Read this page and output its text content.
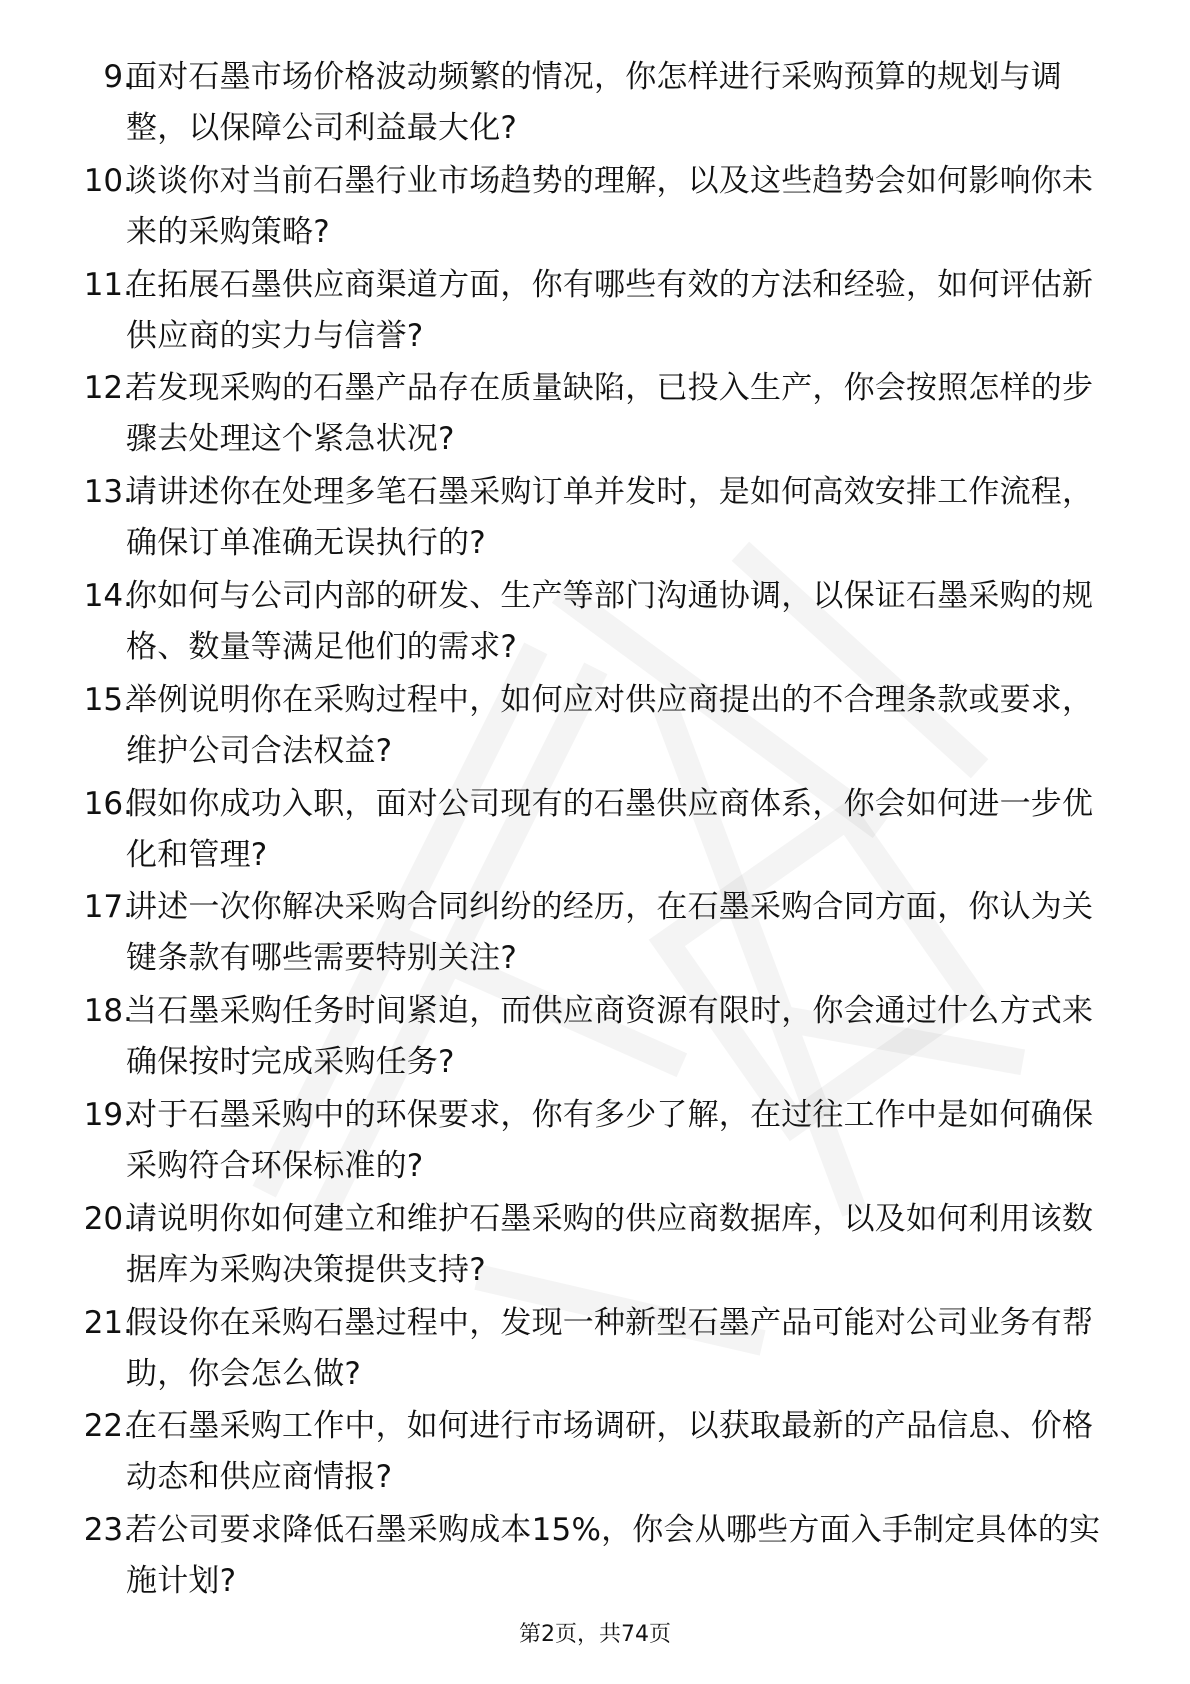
9.
面对石墨市场价格波动频繁的情况，你怎样进行采购预算的规划与调整，以保障公司利益最大化?
10.
谈谈你对当前石墨行业市场趋势的理解，以及这些趋势会如何影响你未来的采购策略?
11.
在拓展石墨供应商渠道方面，你有哪些有效的方法和经验，如何评估新供应商的实力与信誉?
12.
若发现采购的石墨产品存在质量缺陷，已投入生产，你会按照怎样的步骤去处理这个紧急状况?
13.
请讲述你在处理多笔石墨采购订单并发时，是如何高效安排工作流程，确保订单准确无误执行的?
14.
你如何与公司内部的研发、生产等部门沟通协调，以保证石墨采购的规格、数量等满足他们的需求?
15.
举例说明你在采购过程中，如何应对供应商提出的不合理条款或要求，维护公司合法权益?
16.
假如你成功入职，面对公司现有的石墨供应商体系，你会如何进一步优化和管理?
17.
讲述一次你解决采购合同纠纷的经历，在石墨采购合同方面，你认为关键条款有哪些需要特别关注?
18.
当石墨采购任务时间紧迫，而供应商资源有限时，你会通过什么方式来确保按时完成采购任务?
19.
对于石墨采购中的环保要求，你有多少了解，在过往工作中是如何确保采购符合环保标准的?
20.
请说明你如何建立和维护石墨采购的供应商数据库，以及如何利用该数据库为采购决策提供支持?
21.
假设你在采购石墨过程中，发现一种新型石墨产品可能对公司业务有帮助，你会怎么做?
22.
在石墨采购工作中，如何进行市场调研，以获取最新的产品信息、价格动态和供应商情报?
23.
若公司要求降低石墨采购成本15%，你会从哪些方面入手制定具体的实施计划?
第2页，共74页
